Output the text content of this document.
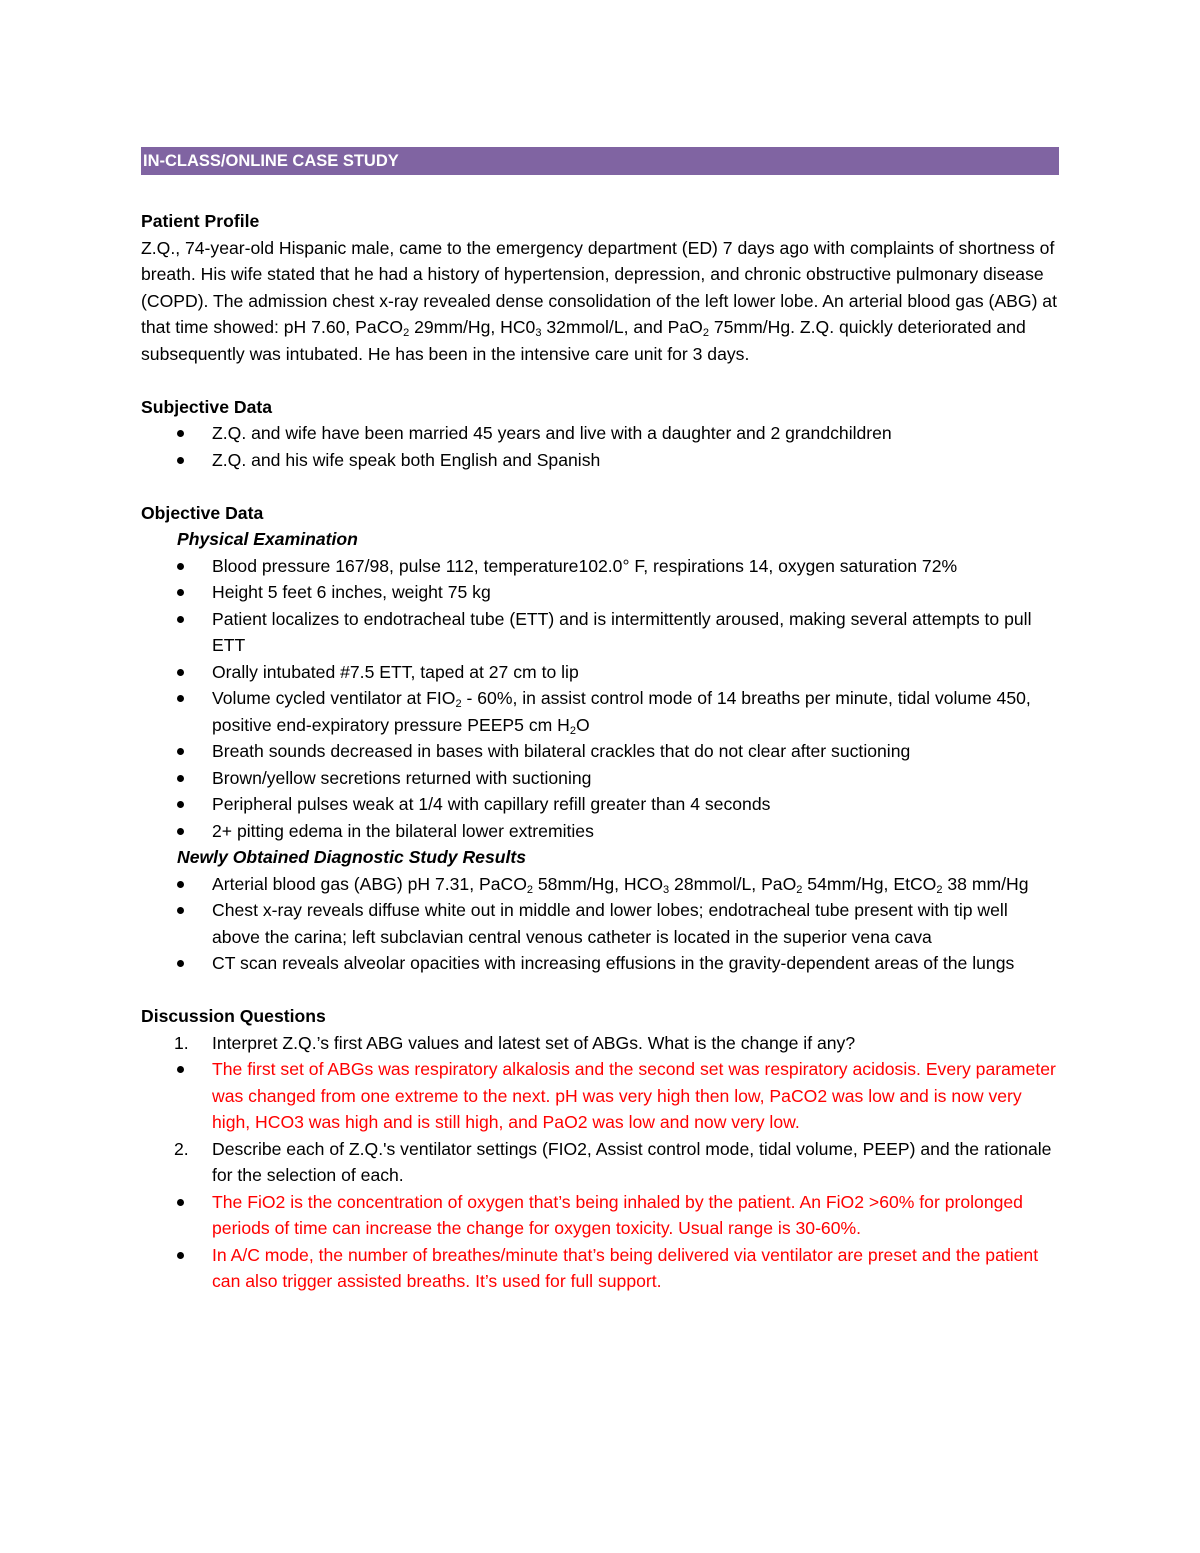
IN-CLASS/ONLINE CASE STUDY
Patient Profile

Z.Q., 74-year-old Hispanic male, came to the emergency department (ED) 7 days ago with complaints of shortness of breath. His wife stated that he had a history of hypertension, depression, and chronic obstructive pulmonary disease (COPD). The admission chest x-ray revealed dense consolidation of the left lower lobe. An arterial blood gas (ABG) at that time showed: pH 7.60, PaCO$_2$ 29mm/Hg, $HC0_3$ 32mmol/L, and PaO$_2$ 75mm/Hg. Z.Q. quickly deteriorated and subsequently was intubated. He has been in the intensive care unit for 3 days.

Subjective Data
Z.Q. and wife have been married 45 years and live with a daughter and 2 grandchildren
Z.Q. and his wife speak both English and Spanish
Objective Data
Physical Examination
Blood pressure 167/98, pulse 112, temperature102.0° F, respirations 14, oxygen saturation 72%
Height 5 feet 6 inches, weight 75 kg
Patient localizes to endotracheal tube (ETT) and is intermittently aroused, making several attempts to pull ETT
Orally intubated #7.5 ETT, taped at 27 cm to lip
Volume cycled ventilator at $FIO_2 - 60\%$, in assist control mode of 14 breaths per minute, tidal volume 450, positive end-expiratory pressure PEEP5 cm $H_2O$
Breath sounds decreased in bases with bilateral crackles that do not clear after suctioning
Brown/yellow secretions returned with suctioning
Peripheral pulses weak at 1/4 with capillary refill greater than 4 seconds
2+ pitting edema in the bilateral lower extremities
Newly Obtained Diagnostic Study Results
Arterial blood gas (ABG) pH 7.31, PaCO$_2$ 58mm/Hg, $HCO_3$ 28mmol/L, PaO$_2$ 54mm/Hg, EtCO$_2$ 38 mm/Hg
Chest x-ray reveals diffuse white out in middle and lower lobes; endotracheal tube present with tip well above the carina; left subclavian central venous catheter is located in the superior vena cava
CT scan reveals alveolar opacities with increasing effusions in the gravity-dependent areas of the lungs
Discussion Questions
1.	Interpret Z.Q.’s first ABG values and latest set of ABGs. What is the change if any?
The first set of ABGs was respiratory alkalosis and the second set was respiratory acidosis. Every parameter was changed from one extreme to the next. pH was very high then low, PaCO2 was low and is now very high, HCO3 was high and is still high, and PaO2 was low and now very low.
2.	Describe each of Z.Q.'s ventilator settings (FIO2, Assist control mode, tidal volume, PEEP) and the rationale for the selection of each.
The FiO2 is the concentration of oxygen that’s being inhaled by the patient. An FiO2 >60% for prolonged periods of time can increase the change for oxygen toxicity. Usual range is 30-60%.
In A/C mode, the number of breathes/minute that’s being delivered via ventilator are preset and the patient can also trigger assisted breaths. It’s used for full support.
